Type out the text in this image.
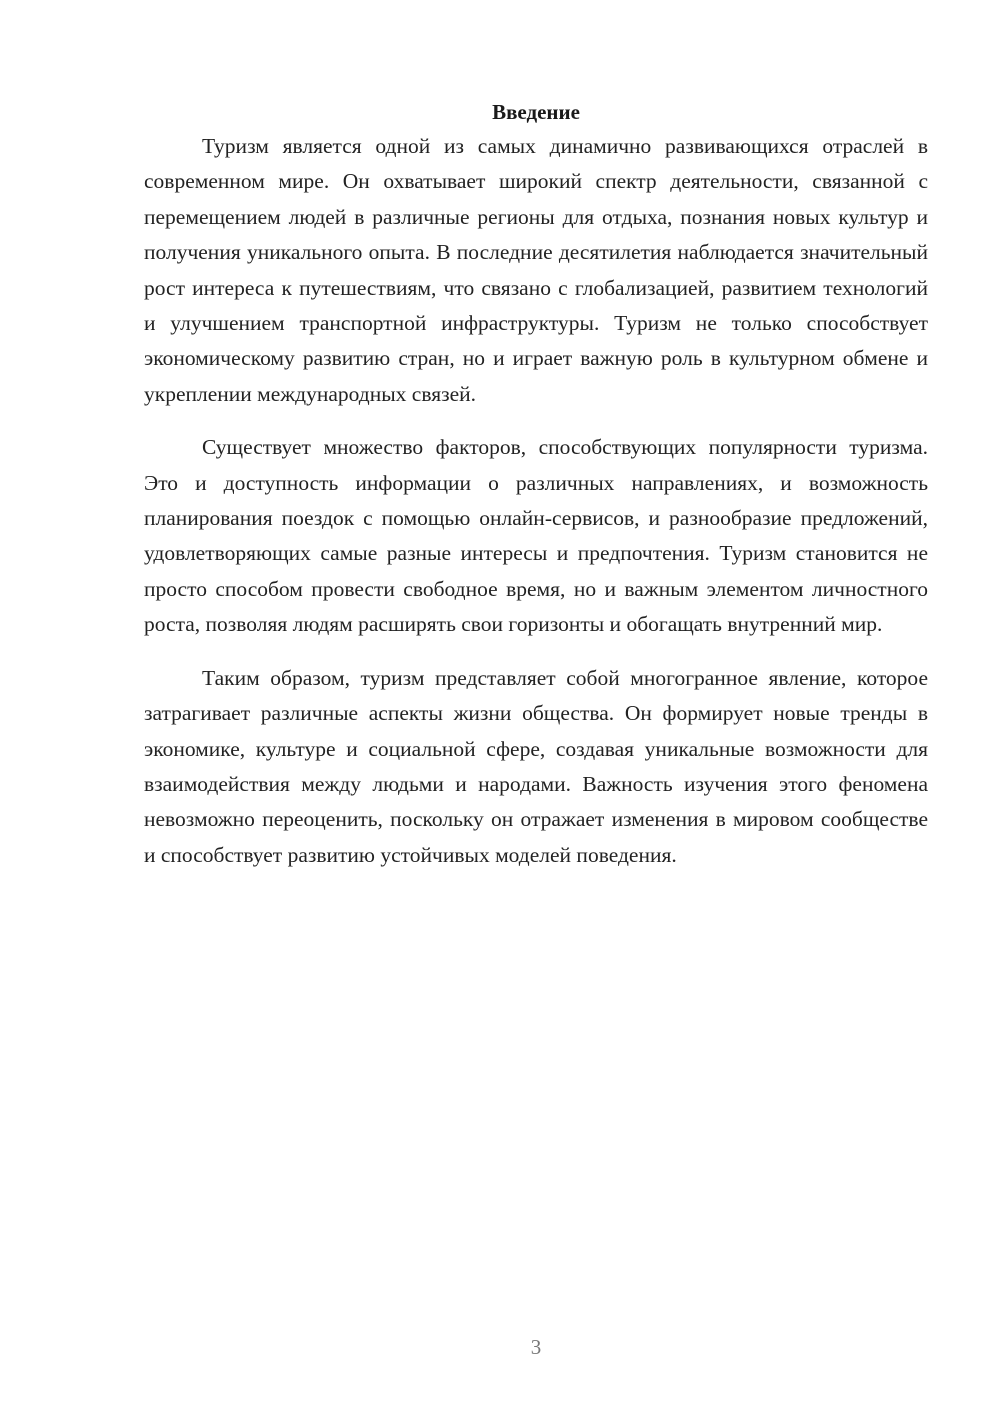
Введение

Туризм является одной из самых динамично развивающихся отраслей в современном мире. Он охватывает широкий спектр деятельности, связанной с перемещением людей в различные регионы для отдыха, познания новых культур и получения уникального опыта. В последние десятилетия наблюдается значительный рост интереса к путешествиям, что связано с глобализацией, развитием технологий и улучшением транспортной инфраструктуры. Туризм не только способствует экономическому развитию стран, но и играет важную роль в культурном обмене и укреплении международных связей.

Существует множество факторов, способствующих популярности туризма. Это и доступность информации о различных направлениях, и возможность планирования поездок с помощью онлайн-сервисов, и разнообразие предложений, удовлетворяющих самые разные интересы и предпочтения. Туризм становится не просто способом провести свободное время, но и важным элементом личностного роста, позволяя людям расширять свои горизонты и обогащать внутренний мир.

Таким образом, туризм представляет собой многогранное явление, которое затрагивает различные аспекты жизни общества. Он формирует новые тренды в экономике, культуре и социальной сфере, создавая уникальные возможности для взаимодействия между людьми и народами. Важность изучения этого феномена невозможно переоценить, поскольку он отражает изменения в мировом сообществе и способствует развитию устойчивых моделей поведения.

3
